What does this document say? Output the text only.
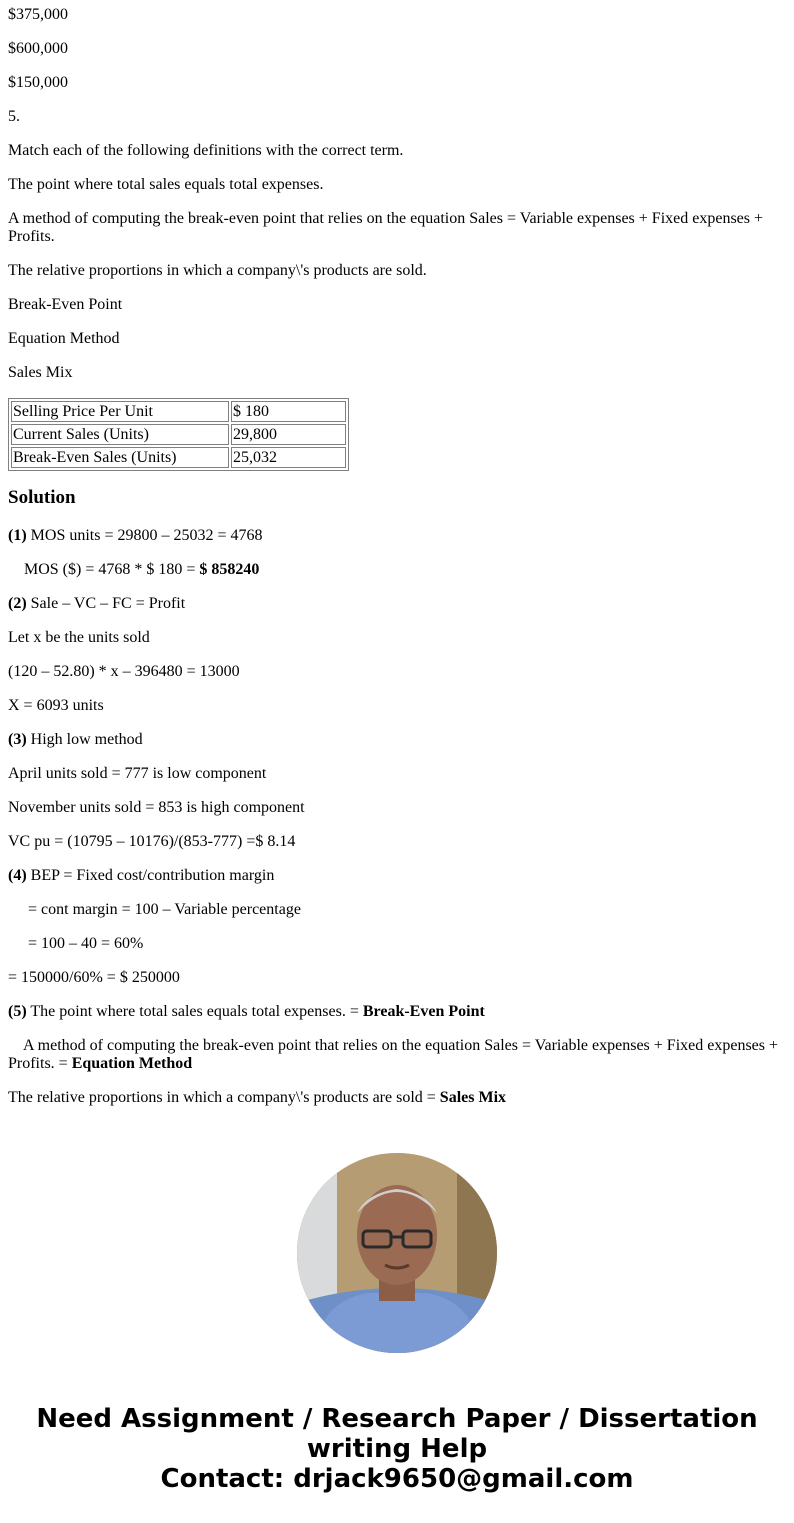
$375,000

$600,000

$150,000

5.

Match each of the following definitions with the correct term.

The point where total sales equals total expenses.

A method of computing the break-even point that relies on the equation Sales = Variable expenses + Fixed expenses + Profits.

The relative proportions in which a company\'s products are sold.

Break-Even Point

Equation Method

Sales Mix

Selling Price Per Unit	$ 180
Current Sales (Units)	29,800
Break-Even Sales (Units)	25,032
Solution

(1) MOS units = 29800 – 25032 = 4768

MOS ($) = 4768 * $ 180 = $ 858240

(2) Sale – VC – FC = Profit

Let x be the units sold

(120 – 52.80) * x – 396480 = 13000

X = 6093 units

(3) High low method

April units sold = 777 is low component

November units sold = 853 is high component

VC pu = (10795 – 10176)/(853-777) =$ 8.14

(4) BEP = Fixed cost/contribution margin

= cont margin = 100 – Variable percentage

= 100 – 40 = 60%

= 150000/60% = $ 250000

(5) The point where total sales equals total expenses. = Break-Even Point

A method of computing the break-even point that relies on the equation Sales = Variable expenses + Fixed expenses + Profits. = Equation Method

The relative proportions in which a company\'s products are sold = Sales Mix

Need Assignment / Research Paper / Dissertation
writing Help
Contact: drjack9650@gmail.com
